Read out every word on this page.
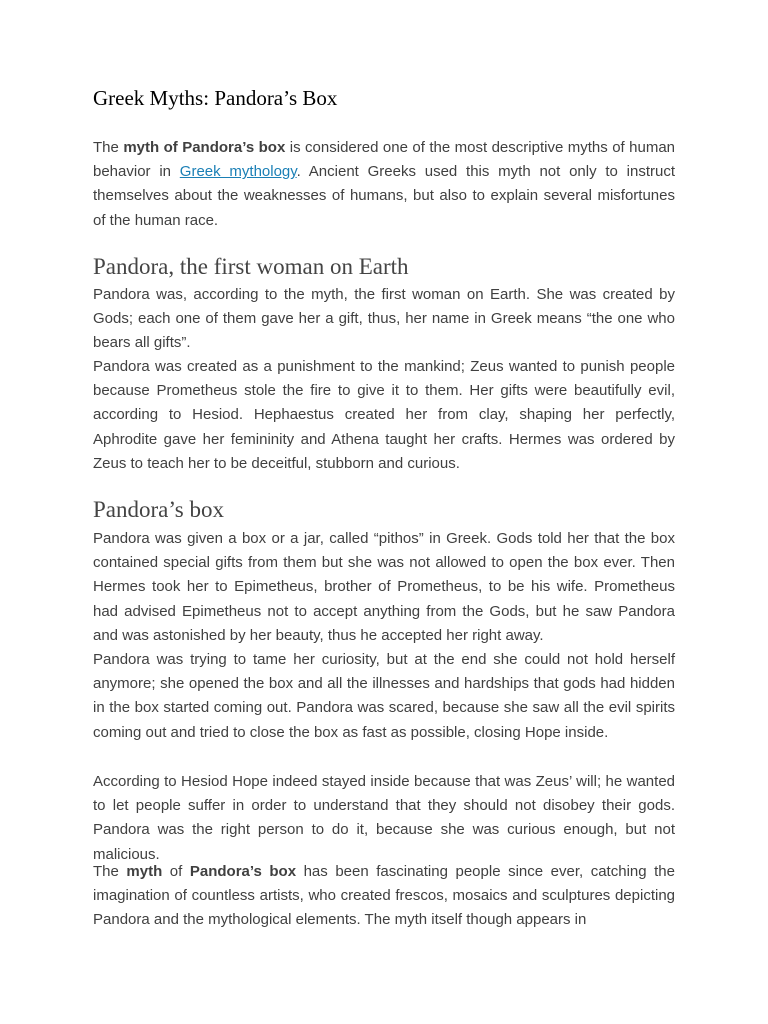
Greek Myths: Pandora’s Box

The myth of Pandora’s box is considered one of the most descriptive myths of human behavior in Greek mythology. Ancient Greeks used this myth not only to instruct themselves about the weaknesses of humans, but also to explain several misfortunes of the human race.

Pandora, the first woman on Earth

Pandora was, according to the myth, the first woman on Earth. She was created by Gods; each one of them gave her a gift, thus, her name in Greek means “the one who bears all gifts”.

Pandora was created as a punishment to the mankind; Zeus wanted to punish people because Prometheus stole the fire to give it to them. Her gifts were beautifully evil, according to Hesiod. Hephaestus created her from clay, shaping her perfectly, Aphrodite gave her femininity and Athena taught her crafts. Hermes was ordered by Zeus to teach her to be deceitful, stubborn and curious.

Pandora’s box

Pandora was given a box or a jar, called “pithos” in Greek. Gods told her that the box contained special gifts from them but she was not allowed to open the box ever. Then Hermes took her to Epimetheus, brother of Prometheus, to be his wife. Prometheus had advised Epimetheus not to accept anything from the Gods, but he saw Pandora and was astonished by her beauty, thus he accepted her right away.

Pandora was trying to tame her curiosity, but at the end she could not hold herself anymore; she opened the box and all the illnesses and hardships that gods had hidden in the box started coming out. Pandora was scared, because she saw all the evil spirits coming out and tried to close the box as fast as possible, closing Hope inside.

According to Hesiod Hope indeed stayed inside because that was Zeus’ will; he wanted to let people suffer in order to understand that they should not disobey their gods. Pandora was the right person to do it, because she was curious enough, but not malicious.

The myth of Pandora’s box has been fascinating people since ever, catching the imagination of countless artists, who created frescos, mosaics and sculptures depicting Pandora and the mythological elements. The myth itself though appears in
